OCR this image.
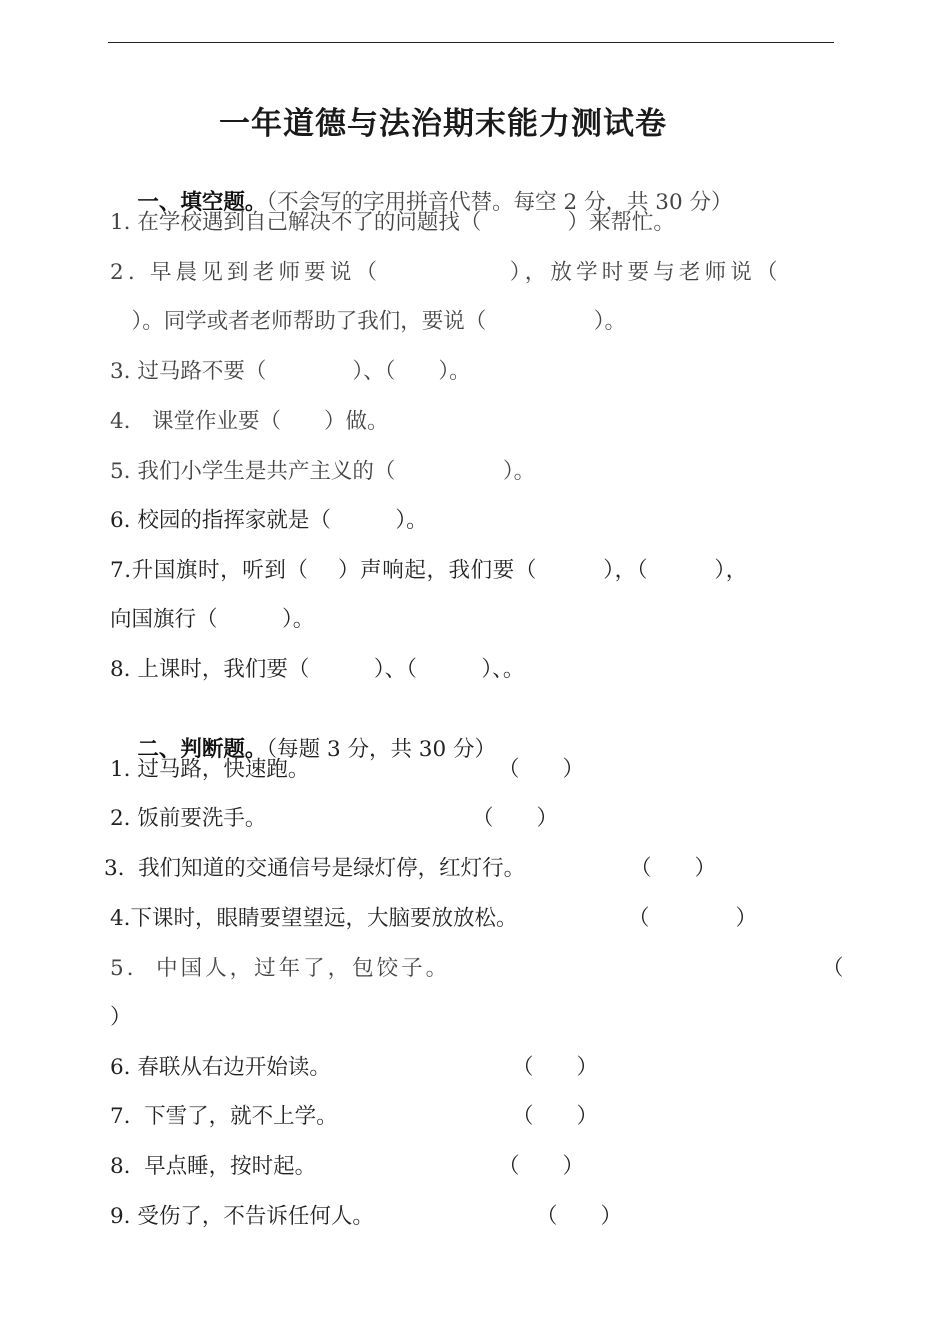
一年道德与法治期末能力测试卷

一、填空题。（不会写的字用拼音代替。每空 2 分，共 30 分）

1. 在学校遇到自己解决不了的问题找（　　　　）来帮忙。
2. 早晨见到老师要说（　　　　　），放学时要与老师说（
　）。同学或者老师帮助了我们，要说（　　　　　）。
3. 过马路不要（　　　　）、（　　）。
4.　课堂作业要（　　）做。
5. 我们小学生是共产主义的（　　　　　）。
6. 校园的指挥家就是（　　　）。
7.升国旗时，听到（　 ）声响起，我们要（　　　），（　　　），
向国旗行（　　　）。
8. 上课时，我们要（　　　）、（　　　）、。

二、判断题。（每题 3 分，共 30 分）

1. 过马路，快速跑。	（　　）
2. 饭前要洗手。	（　　）
3.  我们知道的交通信号是绿灯停，红灯行。	（　　）
4.下课时，眼睛要望望远，大脑要放放松。	（　　　　）
5.  中国人，过年了，包饺子。	（
）
6. 春联从右边开始读。	（　　）
7.  下雪了，就不上学。	（　　）
8.  早点睡，按时起。	（　　）
9. 受伤了，不告诉任何人。	（　　）
